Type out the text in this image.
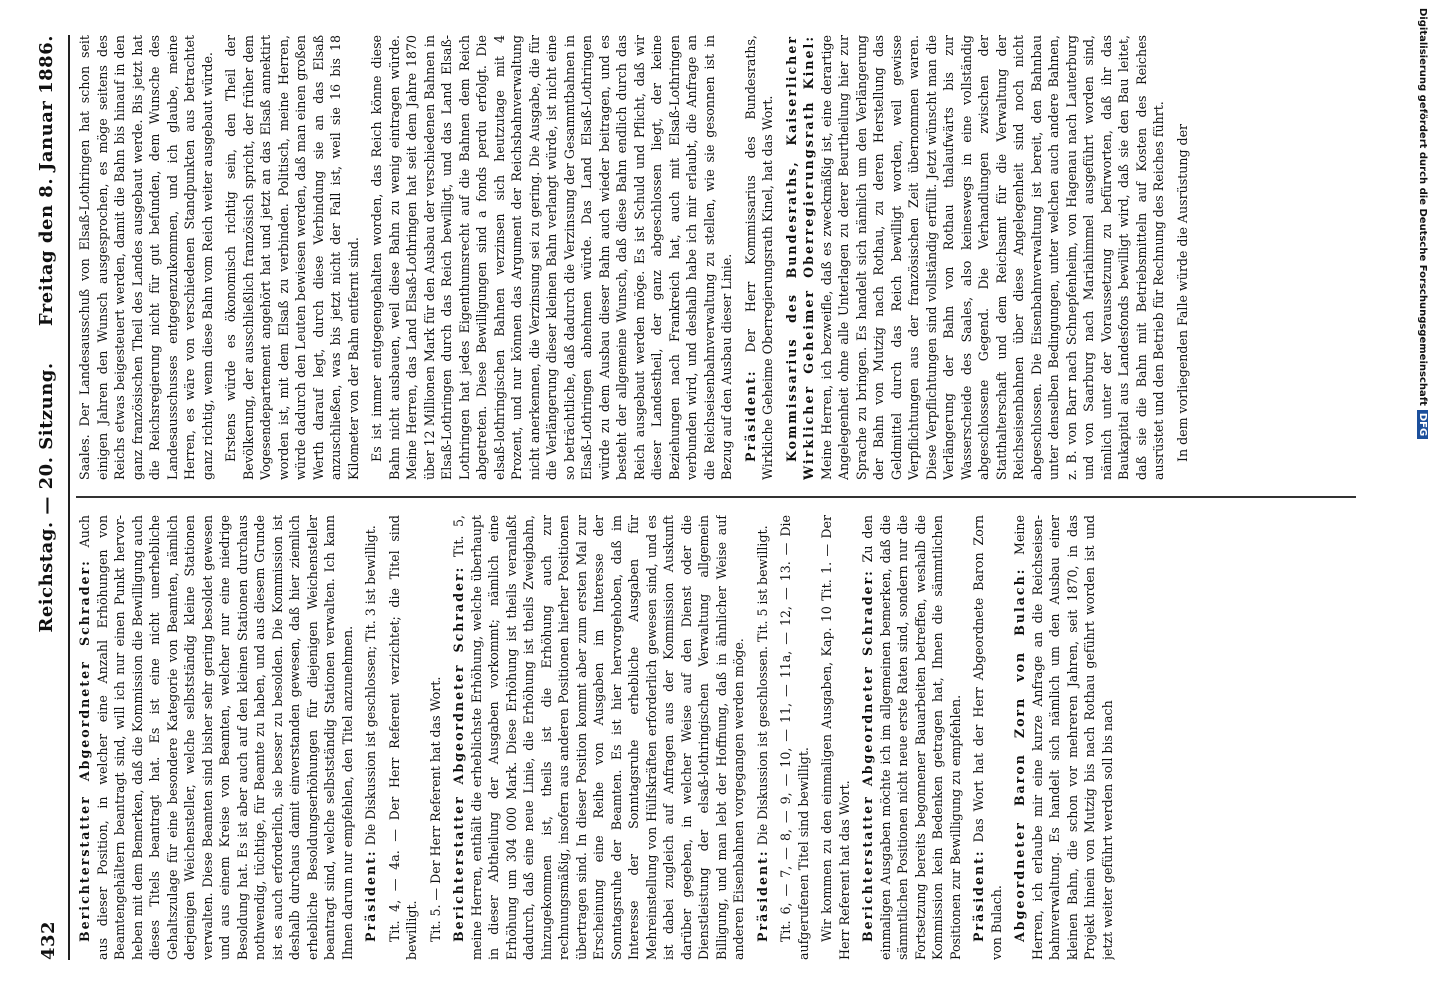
432
Reichstag. — 20. Sitzung.
Freitag den 8. Januar 1886.

Berichterstatter Abgeordneter Schrader: Auch aus dieser Position, in welcher eine Anzahl Erhöhungen von Beamtengehältern beantragt sind, will ich nur einen Punkt hervorheben mit dem Bemerken, daß die Kommission die Bewilligung auch dieses Titels beantragt hat. Es ist eine nicht unerhebliche Gehaltszulage für eine besondere Kategorie von Beamten, nämlich derjenigen Weichensteller, welche selbstständig kleine Stationen verwalten. Diese Beamten sind bisher sehr gering besoldet gewesen und aus einem Kreise von Beamten, welcher nur eine niedrige Besoldung hat. Es ist aber auch auf den kleinen Stationen durchaus nothwendig, tüchtige, für Beamte zu haben, und aus diesem Grunde ist es auch erforderlich, sie besser zu besolden. Die Kommission ist deshalb durchaus damit einverstanden gewesen, daß hier ziemlich erhebliche Besoldungserhöhungen für diejenigen Weichensteller beantragt sind, welche selbstständig Stationen verwalten. Ich kann Ihnen darum nur empfehlen, den Titel anzunehmen. Präsident: Die Diskussion ist geschlossen; Tit. 3 ist bewilligt. Tit. 4, — 4a. — Der Herr Referent verzichtet; die Titel sind bewilligt. Tit. 5. — Der Herr Referent hat das Wort. Berichterstatter Abgeordneter Schrader: Tit. 5, meine Herren, enthält die erheblichste Erhöhung, welche überhaupt in dieser Abtheilung der Ausgaben vorkommt; nämlich eine Erhöhung um 304 000 Mark. Diese Erhöhung ist theils veranlaßt dadurch, daß eine neue Linie, die Erhöhung ist theils Zweigbahn, hinzugekommen ist, theils ist die Erhöhung auch zur rechnungsmäßig, insofern aus anderen Positionen hierher Positionen übertragen sind. In dieser Position kommt aber zum ersten Mal zur Erscheinung eine Reihe von Ausgaben im Interesse der Sonntagsruhe der Beamten. Es ist hier hervorgehoben, daß im Interesse der Sonntagsruhe erhebliche Ausgaben für Mehreinstellung von Hülfskräften erforderlich gewesen sind, und es ist dabei zugleich auf Anfragen aus der Kommission Auskunft darüber gegeben, in welcher Weise auf den Dienst oder die Dienstleistung der elsaß-lothringischen Verwaltung allgemein Billigung, und man lebt der Hoffnung, daß in ähnlicher Weise auf anderen Eisenbahnen vorgegangen werden möge. Präsident: Die Diskussion ist geschlossen. Tit. 5 ist bewilligt. Tit. 6, — 7, — 8, — 9, — 10, — 11, — 11a, — 12, — 13. — Die aufgerufenen Titel sind bewilligt. Wir kommen zu den einmaligen Ausgaben, Kap. 10 Tit. 1. — Der Herr Referent hat das Wort. Berichterstatter Abgeordneter Schrader: Zu den einmaligen Ausgaben möchte ich im allgemeinen bemerken, daß die sämmtlichen Positionen nicht neue erste Raten sind, sondern nur die Fortsetzung bereits begonnener Bauarbeiten betreffen, weshalb die Kommission kein Bedenken getragen hat, Ihnen die sämmtlichen Positionen zur Bewilligung zu empfehlen. Präsident: Das Wort hat der Herr Abgeordnete Baron Zorn von Bulach. Abgeordneter Baron Zorn von Bulach: Meine Herren, ich erlaube mir eine kurze Anfrage an die Reichseisenbahnverwaltung. Es handelt sich nämlich um den Ausbau einer kleinen Bahn, die schon vor mehreren Jahren, seit 1870, in das Projekt hinein von Mutzig bis nach Rothau geführt worden ist und jetzt weiter geführt werden soll bis nach

Saales. Der Landesausschuß von Elsaß-Lothringen hat schon seit einigen Jahren den Wunsch ausgesprochen, es möge seitens des Reichs etwas beigesteuert werden, damit die Bahn bis hinauf in den ganz französischen Theil des Landes ausgebaut werde. Bis jetzt hat die Reichsregierung nicht für gut befunden, dem Wunsche des Landesausschusses entgegenzukommen, und ich glaube, meine Herren, es wäre von verschiedenen Standpunkten aus betrachtet ganz richtig, wenn diese Bahn vom Reich weiter ausgebaut würde. Erstens würde es ökonomisch richtig sein, den Theil der Bevölkerung, der ausschließlich französisch spricht, der früher dem Vogesendepartement angehört hat und jetzt an das Elsaß annektirt worden ist, mit dem Elsaß zu verbinden. Politisch, meine Herren, würde dadurch den Leuten bewiesen werden, daß man einen großen Werth darauf legt, durch diese Verbindung sie an das Elsaß anzuschließen, was bis jetzt nicht der Fall ist, weil sie 16 bis 18 Kilometer von der Bahn entfernt sind. Es ist immer entgegengehalten worden, das Reich könne diese Bahn nicht ausbauen, weil diese Bahn zu wenig eintragen würde. Meine Herren, das Land Elsaß-Lothringen hat seit dem Jahre 1870 über 12 Millionen Mark für den Ausbau der verschiedenen Bahnen in Elsaß-Lothringen durch das Reich bewilligt, und das Land Elsaß-Lothringen hat jedes Eigenthumsrecht auf die Bahnen dem Reich abgetreten. Diese Bewilligungen sind a fonds perdu erfolgt. Die elsaß-lothringischen Bahnen verzinsen sich heutzutage mit 4 Prozent, und nur können das Argument der Reichsbahnverwaltung nicht anerkennen, die Verzinsung sei zu gering. Die Ausgabe, die für die Verlängerung dieser kleinen Bahn verlangt würde, ist nicht eine so beträchtliche, daß dadurch die Verzinsung der Gesammtbahnen in Elsaß-Lothringen abnehmen würde. Das Land Elsaß-Lothringen würde zu dem Ausbau dieser Bahn auch wieder beitragen, und es besteht der allgemeine Wunsch, daß diese Bahn endlich durch das Reich ausgebaut werden möge. Es ist Schuld und Pflicht, daß wir dieser Landestheil, der ganz abgeschlossen liegt, der keine Beziehungen nach Frankreich hat, auch mit Elsaß-Lothringen verbunden wird, und deshalb habe ich mir erlaubt, die Anfrage an die Reichseisenbahnverwaltung zu stellen, wie sie gesonnen ist in Bezug auf den Ausbau dieser Linie. Präsident: Der Herr Kommissarius des Bundesraths, Wirkliche Geheime Oberregierungsrath Kinel, hat das Wort. Kommissarius des Bundesraths, Kaiserlicher Wirklicher Geheimer Oberregierungsrath Kinel: Meine Herren, ich bezweifle, daß es zweckmäßig ist, eine derartige Angelegenheit ohne alle Unterlagen zu derer Beurtheilung hier zur Sprache zu bringen. Es handelt sich nämlich um den Verlängerung der Bahn von Mutzig nach Rothau, zu deren Herstellung das Geldmittel durch das Reich bewilligt worden, weil gewisse Verpflichtungen aus der französischen Zeit übernommen waren. Diese Verpflichtungen sind vollständig erfüllt. Jetzt wünscht man die Verlängerung der Bahn von Rothau thalaufwärts bis zur Wasserscheide des Saales, also keineswegs in eine vollständig abgeschlossene Gegend. Die Verhandlungen zwischen der Statthalterschaft und dem Reichsamt für die Verwaltung der Reichseisenbahnen über diese Angelegenheit sind noch nicht abgeschlossen. Die Eisenbahnverwaltung ist bereit, den Bahnbau unter denselben Bedingungen, unter welchen auch andere Bahnen, z. B. von Barr nach Schnepfenheim, von Hagenau nach Lauterburg und von Saarburg nach Mariahimmel ausgeführt worden sind, nämlich unter der Voraussetzung zu befürworten, daß ihr das Baukapital aus Landesfonds bewilligt wird, daß sie den Bau leitet, daß sie die Bahn mit Betriebsmitteln auf Kosten des Reiches ausrüstet und den Betrieb für Rechnung des Reiches führt. In dem vorliegenden Falle würde die Ausrüstung der	Digitalisierung gefördert durch die Deutsche ForschungsgemeinschaftDFG
